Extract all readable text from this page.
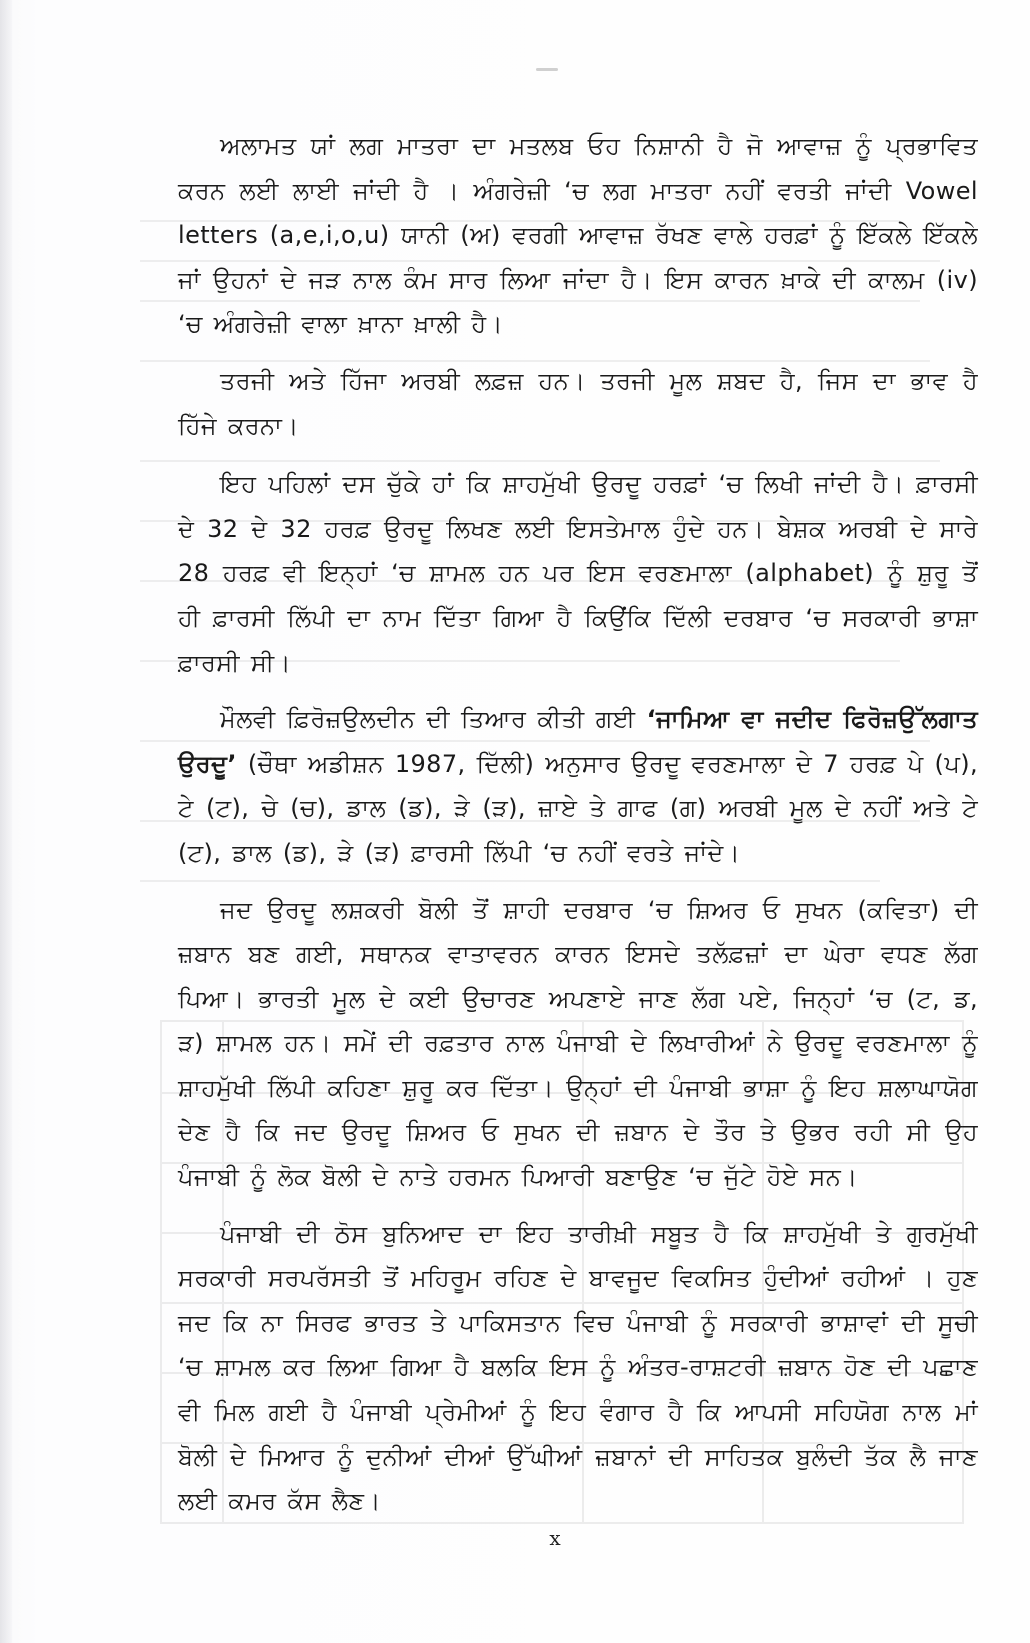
ਅਲਾਮਤ ਯਾਂ ਲਗ ਮਾਤਰਾ ਦਾ ਮਤਲਬ ਓਹ ਨਿਸ਼ਾਨੀ ਹੈ ਜੋ ਆਵਾਜ਼ ਨੂੰ ਪ੍ਰਭਾਵਿਤ ਕਰਨ ਲਈ ਲਾਈ ਜਾਂਦੀ ਹੈ । ਅੰਗਰੇਜ਼ੀ ‘ਚ ਲਗ ਮਾਤਰਾ ਨਹੀਂ ਵਰਤੀ ਜਾਂਦੀ Vowel letters (a,e,i,o,u) ਯਾਨੀ (ਅ) ਵਰਗੀ ਆਵਾਜ਼ ਰੱਖਣ ਵਾਲੇ ਹਰਫ਼ਾਂ ਨੂੰ ਇੱਕਲੇ ਇੱਕਲੇ ਜਾਂ ਉਹਨਾਂ ਦੇ ਜੜ ਨਾਲ ਕੰਮ ਸਾਰ ਲਿਆ ਜਾਂਦਾ ਹੈ। ਇਸ ਕਾਰਨ ਖ਼ਾਕੇ ਦੀ ਕਾਲਮ (iv) ‘ਚ ਅੰਗਰੇਜ਼ੀ ਵਾਲਾ ਖ਼ਾਨਾ ਖ਼ਾਲੀ ਹੈ।

ਤਰਜੀ ਅਤੇ ਹਿੱਜਾ ਅਰਬੀ ਲਫ਼ਜ਼ ਹਨ। ਤਰਜੀ ਮੂਲ ਸ਼ਬਦ ਹੈ, ਜਿਸ ਦਾ ਭਾਵ ਹੈ ਹਿੱਜੇ ਕਰਨਾ।

ਇਹ ਪਹਿਲਾਂ ਦਸ ਚੁੱਕੇ ਹਾਂ ਕਿ ਸ਼ਾਹਮੁੱਖੀ ਉਰਦੂ ਹਰਫ਼ਾਂ ‘ਚ ਲਿਖੀ ਜਾਂਦੀ ਹੈ। ਫ਼ਾਰਸੀ ਦੇ 32 ਦੇ 32 ਹਰਫ਼ ਉਰਦੂ ਲਿਖਣ ਲਈ ਇਸਤੇਮਾਲ ਹੁੰਦੇ ਹਨ। ਬੇਸ਼ਕ ਅਰਬੀ ਦੇ ਸਾਰੇ 28 ਹਰਫ਼ ਵੀ ਇਨ੍ਹਾਂ ‘ਚ ਸ਼ਾਮਲ ਹਨ ਪਰ ਇਸ ਵਰਣਮਾਲਾ (alphabet) ਨੂੰ ਸ਼ੁਰੂ ਤੋਂ ਹੀ ਫ਼ਾਰਸੀ ਲਿੱਪੀ ਦਾ ਨਾਮ ਦਿੱਤਾ ਗਿਆ ਹੈ ਕਿਉਂਕਿ ਦਿੱਲੀ ਦਰਬਾਰ ‘ਚ ਸਰਕਾਰੀ ਭਾਸ਼ਾ ਫ਼ਾਰਸੀ ਸੀ।

ਮੌਲਵੀ ਫ਼ਿਰੋਜ਼ਉਲਦੀਨ ਦੀ ਤਿਆਰ ਕੀਤੀ ਗਈ ‘ਜਾਮਿਆ ਵਾ ਜਦੀਦ ਫਿਰੋਜ਼ਉੱਲਗਾਤ ਉਰਦੂ’ (ਚੌਥਾ ਅਡੀਸ਼ਨ 1987, ਦਿੱਲੀ) ਅਨੁਸਾਰ ਉਰਦੂ ਵਰਣਮਾਲਾ ਦੇ 7 ਹਰਫ਼ ਪੇ (ਪ), ਟੇ (ਟ), ਚੇ (ਚ), ਡਾਲ (ਡ), ੜੇ (ੜ), ਜ਼ਾਏ ਤੇ ਗਾਫ (ਗ) ਅਰਬੀ ਮੂਲ ਦੇ ਨਹੀਂ ਅਤੇ ਟੇ (ਟ), ਡਾਲ (ਡ), ੜੇ (ੜ) ਫ਼ਾਰਸੀ ਲਿੱਪੀ ‘ਚ ਨਹੀਂ ਵਰਤੇ ਜਾਂਦੇ।

ਜਦ ਉਰਦੂ ਲਸ਼ਕਰੀ ਬੋਲੀ ਤੋਂ ਸ਼ਾਹੀ ਦਰਬਾਰ ‘ਚ ਸ਼ਿਅਰ ਓ ਸੁਖਨ (ਕਵਿਤਾ) ਦੀ ਜ਼ਬਾਨ ਬਣ ਗਈ, ਸਥਾਨਕ ਵਾਤਾਵਰਨ ਕਾਰਨ ਇਸਦੇ ਤਲੱਫ਼ਜ਼ਾਂ ਦਾ ਘੇਰਾ ਵਧਣ ਲੱਗ ਪਿਆ। ਭਾਰਤੀ ਮੂਲ ਦੇ ਕਈ ਉਚਾਰਣ ਅਪਣਾਏ ਜਾਣ ਲੱਗ ਪਏ, ਜਿਨ੍ਹਾਂ ‘ਚ (ਟ, ਡ, ੜ) ਸ਼ਾਮਲ ਹਨ। ਸਮੇਂ ਦੀ ਰਫ਼ਤਾਰ ਨਾਲ ਪੰਜਾਬੀ ਦੇ ਲਿਖਾਰੀਆਂ ਨੇ ਉਰਦੂ ਵਰਣਮਾਲਾ ਨੂੰ ਸ਼ਾਹਮੁੱਖੀ ਲਿੱਪੀ ਕਹਿਣਾ ਸ਼ੁਰੂ ਕਰ ਦਿੱਤਾ। ਉਨ੍ਹਾਂ ਦੀ ਪੰਜਾਬੀ ਭਾਸ਼ਾ ਨੂੰ ਇਹ ਸ਼ਲਾਘਾਯੋਗ ਦੇਣ ਹੈ ਕਿ ਜਦ ਉਰਦੂ ਸ਼ਿਅਰ ਓ ਸੁਖਨ ਦੀ ਜ਼ਬਾਨ ਦੇ ਤੌਰ ਤੇ ਉਭਰ ਰਹੀ ਸੀ ਉਹ ਪੰਜਾਬੀ ਨੂੰ ਲੋਕ ਬੋਲੀ ਦੇ ਨਾਤੇ ਹਰਮਨ ਪਿਆਰੀ ਬਣਾਉਣ ‘ਚ ਜੁੱਟੇ ਹੋਏ ਸਨ।

ਪੰਜਾਬੀ ਦੀ ਠੋਸ ਬੁਨਿਆਦ ਦਾ ਇਹ ਤਾਰੀਖ਼ੀ ਸਬੂਤ ਹੈ ਕਿ ਸ਼ਾਹਮੁੱਖੀ ਤੇ ਗੁਰਮੁੱਖੀ ਸਰਕਾਰੀ ਸਰਪਰੱਸਤੀ ਤੋਂ ਮਹਿਰੂਮ ਰਹਿਣ ਦੇ ਬਾਵਜੂਦ ਵਿਕਸਿਤ ਹੁੰਦੀਆਂ ਰਹੀਆਂ । ਹੁਣ ਜਦ ਕਿ ਨਾ ਸਿਰਫ ਭਾਰਤ ਤੇ ਪਾਕਿਸਤਾਨ ਵਿਚ ਪੰਜਾਬੀ ਨੂੰ ਸਰਕਾਰੀ ਭਾਸ਼ਾਵਾਂ ਦੀ ਸੂਚੀ ‘ਚ ਸ਼ਾਮਲ ਕਰ ਲਿਆ ਗਿਆ ਹੈ ਬਲਕਿ ਇਸ ਨੂੰ ਅੰਤਰ-ਰਾਸ਼ਟਰੀ ਜ਼ਬਾਨ ਹੋਣ ਦੀ ਪਛਾਣ ਵੀ ਮਿਲ ਗਈ ਹੈ ਪੰਜਾਬੀ ਪ੍ਰੇਮੀਆਂ ਨੂੰ ਇਹ ਵੰਗਾਰ ਹੈ ਕਿ ਆਪਸੀ ਸਹਿਯੋਗ ਨਾਲ ਮਾਂ ਬੋਲੀ ਦੇ ਮਿਆਰ ਨੂੰ ਦੁਨੀਆਂ ਦੀਆਂ ਉੱਘੀਆਂ ਜ਼ਬਾਨਾਂ ਦੀ ਸਾਹਿਤਕ ਬੁਲੰਦੀ ਤੱਕ ਲੈ ਜਾਣ ਲਈ ਕਮਰ ਕੱਸ ਲੈਣ।

x
